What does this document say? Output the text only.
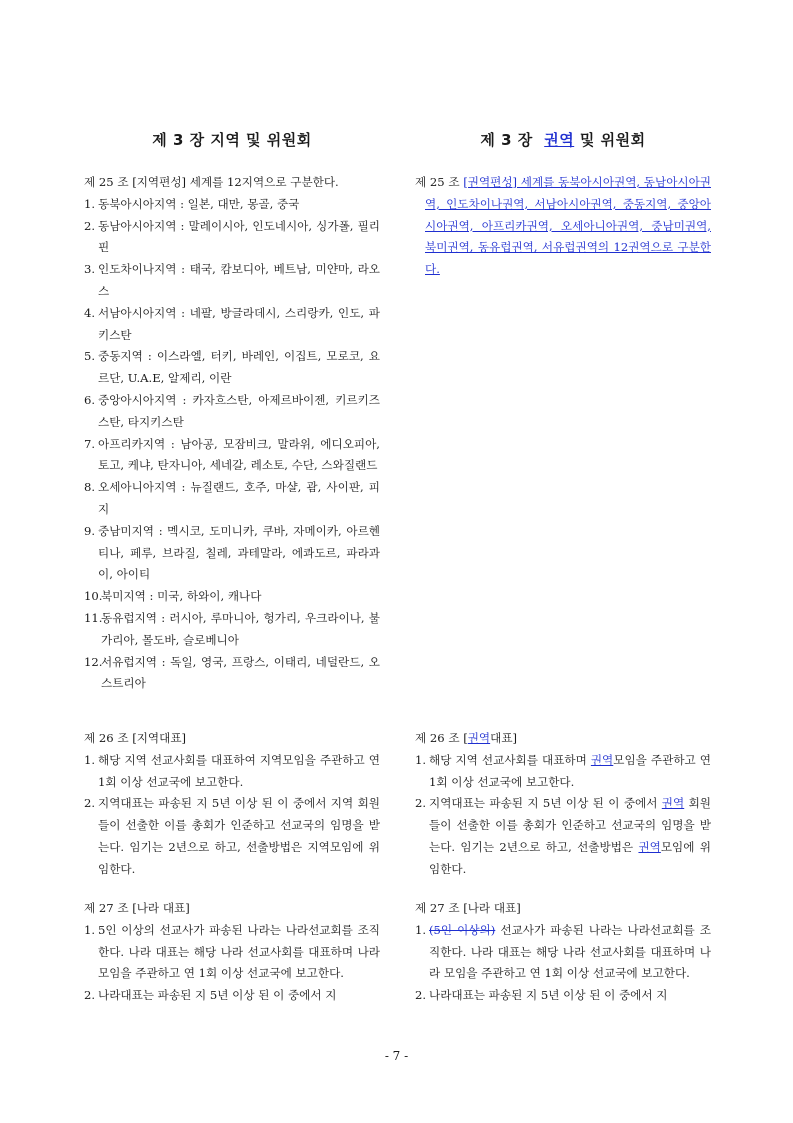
제 3 장 지역 및 위원회
제 25 조 [지역편성] 세계를 12지역으로 구분한다.
1. 동북아시아지역 : 일본, 대만, 몽골, 중국
2. 동남아시아지역 : 말레이시아, 인도네시아, 싱가폴, 필리핀
3. 인도차이나지역 : 태국, 캄보디아, 베트남, 미얀마, 라오스
4. 서남아시아지역 : 네팔, 방글라데시, 스리랑카, 인도, 파키스탄
5. 중동지역 : 이스라엘, 터키, 바레인, 이집트, 모로코, 요르단, U.A.E, 알제리, 이란
6. 중앙아시아지역 : 카자흐스탄, 아제르바이젠, 키르키즈스탄, 타지키스탄
7. 아프리카지역 : 남아공, 모잠비크, 말라위, 에디오피아, 토고, 케냐, 탄자니아, 세네갈, 레소토, 수단, 스와질랜드
8. 오세아니아지역 : 뉴질랜드, 호주, 마샬, 괌, 사이판, 피지
9. 중남미지역 : 멕시코, 도미니카, 쿠바, 자메이카, 아르헨티나, 페루, 브라질, 칠레, 과테말라, 에콰도르, 파라과이, 아이티
10.
북미지역 : 미국, 하와이, 캐나다
11.
동유럽지역 : 러시아, 루마니아, 헝가리, 우크라이나, 불가리아, 몰도바, 슬로베니아
12.
서유럽지역 : 독일, 영국, 프랑스, 이태리, 네덜란드, 오스트리아
제 26 조 [지역대표]
1. 해당 지역 선교사회를 대표하여 지역모임을 주관하고 연 1회 이상 선교국에 보고한다.
2. 지역대표는 파송된 지 5년 이상 된 이 중에서 지역 회원들이 선출한 이를 총회가 인준하고 선교국의 임명을 받는다. 임기는 2년으로 하고, 선출방법은 지역모임에 위임한다.
제 27 조 [나라 대표]
1. 5인 이상의 선교사가 파송된 나라는 나라선교회를 조직한다. 나라 대표는 해당 나라 선교사회를 대표하며 나라 모임을 주관하고 연 1회 이상 선교국에 보고한다.
2. 나라대표는 파송된 지 5년 이상 된 이 중에서 지
제 3 장  권역 및 위원회
제 25 조 [권역편성] 세계를 동북아시아권역, 동남아시아권역, 인도차이나권역, 서남아시아권역, 중동지역, 중앙아시아권역, 아프리카권역, 오세아니아권역, 중남미권역, 북미권역, 동유럽권역, 서유럽권역의 12권역으로 구분한다.
제 26 조 [권역대표]
1. 해당 지역 선교사회를 대표하며 권역모임을 주관하고 연 1회 이상 선교국에 보고한다.
2. 지역대표는 파송된 지 5년 이상 된 이 중에서 권역 회원들이 선출한 이를 총회가 인준하고 선교국의 임명을 받는다. 임기는 2년으로 하고, 선출방법은 권역모임에 위임한다.
제 27 조 [나라 대표]
1. (5인 이상의) 선교사가 파송된 나라는 나라선교회를 조직한다. 나라 대표는 해당 나라 선교사회를 대표하며 나라 모임을 주관하고 연 1회 이상 선교국에 보고한다.
2. 나라대표는 파송된 지 5년 이상 된 이 중에서 지
- 7 -
